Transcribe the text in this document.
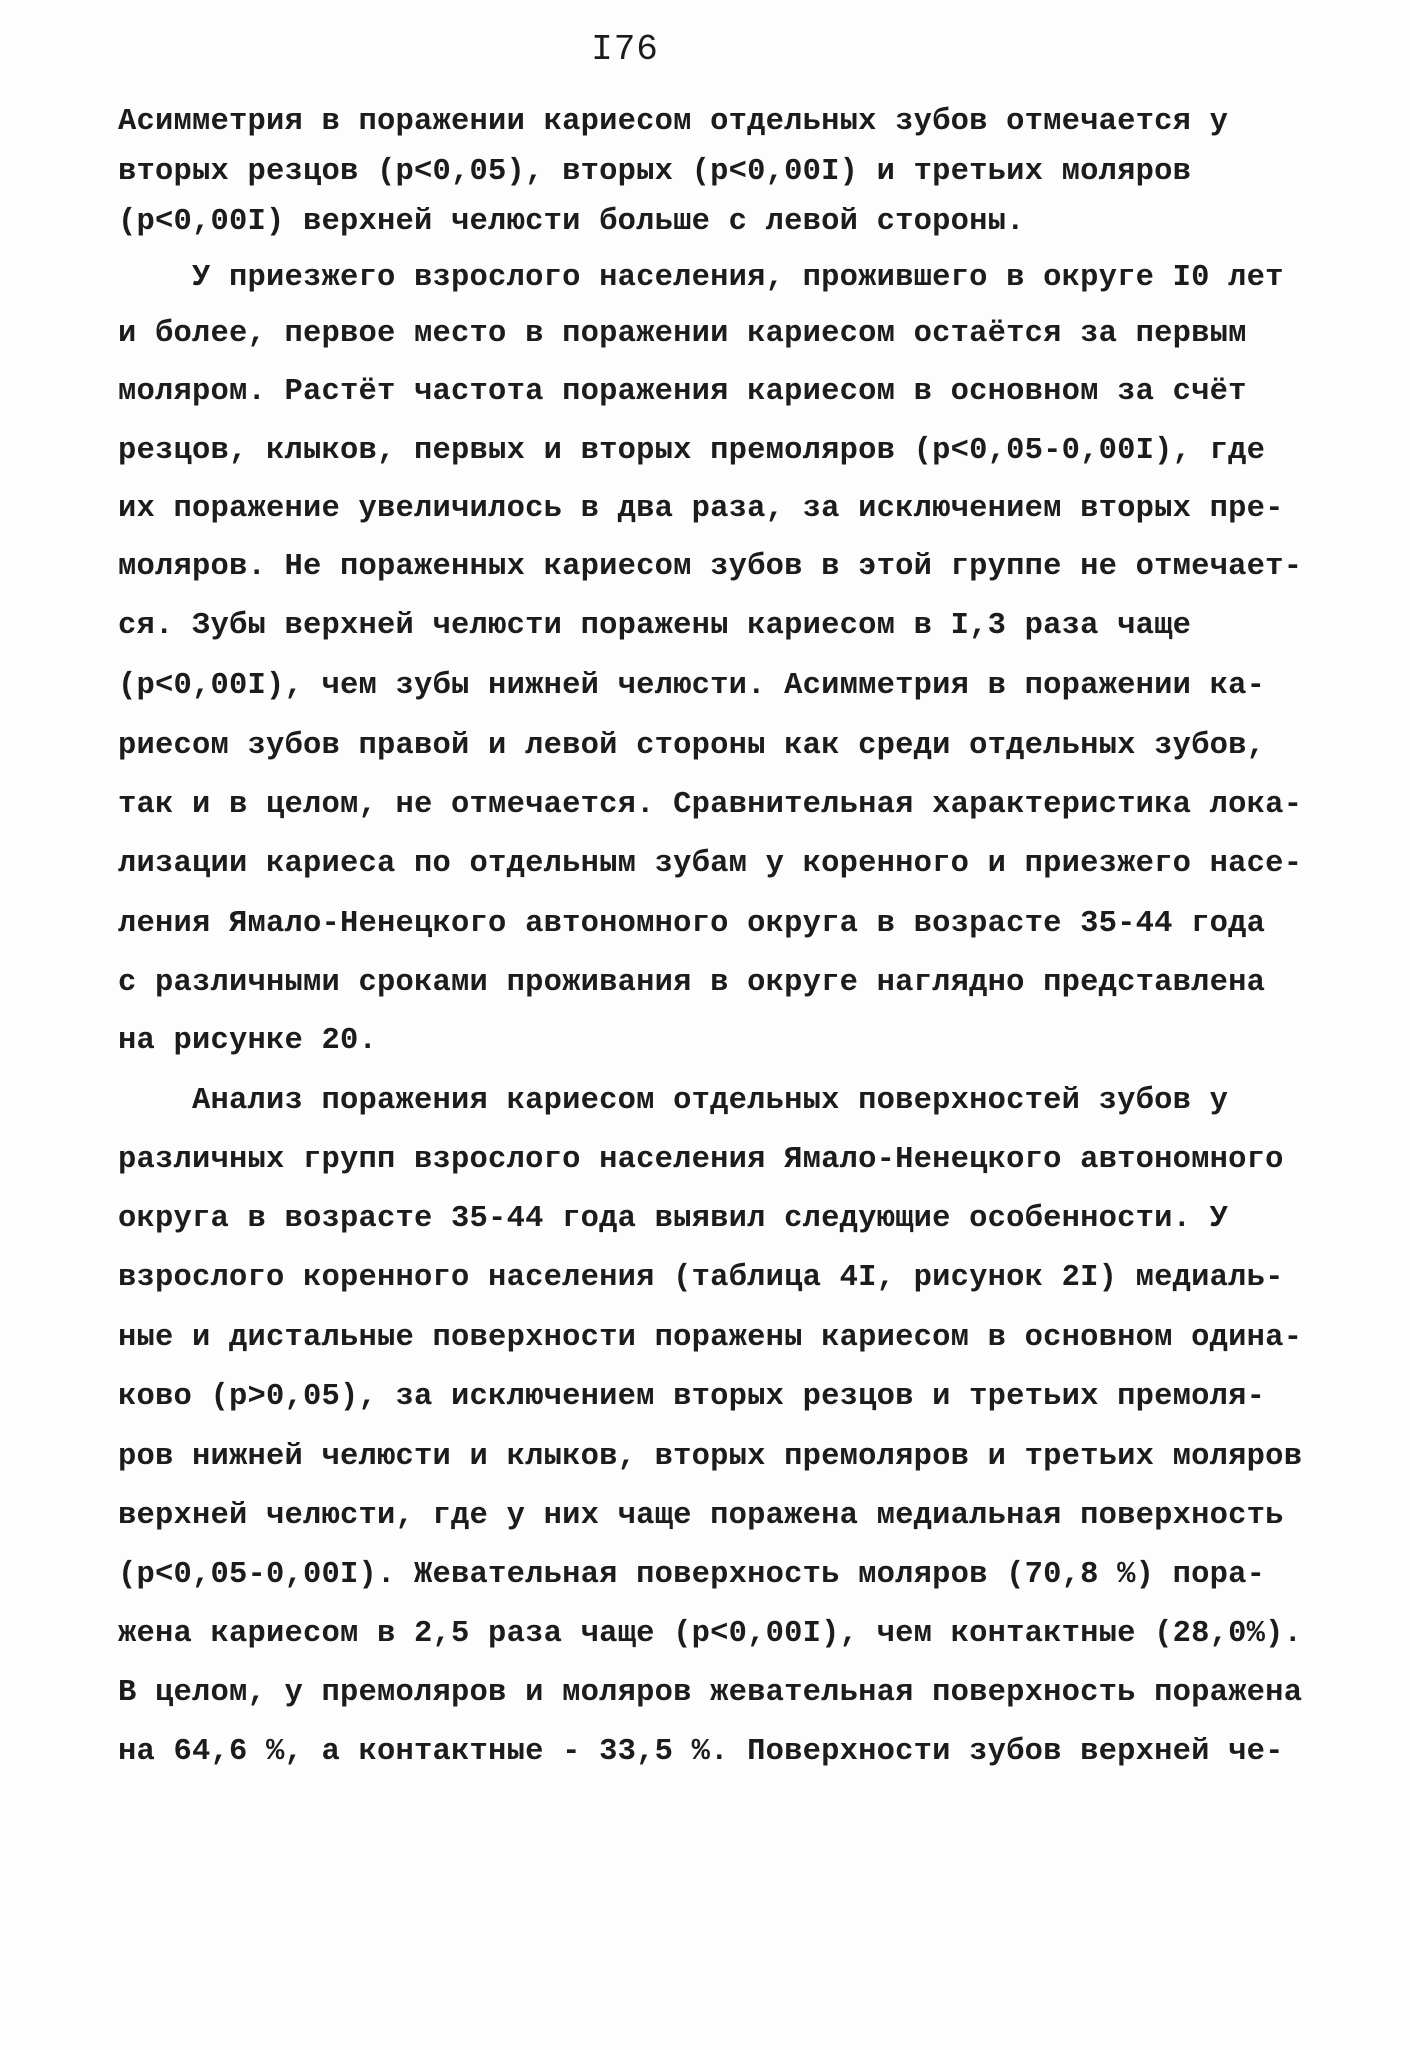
I76
Асимметрия в поражении кариесом отдельных зубов отмечается у
вторых резцов (p<0,05), вторых (p<0,00I) и третьих моляров
(p<0,00I) верхней челюсти больше с левой стороны.
У приезжего взрослого населения, прожившего в округе I0 лет
и более, первое место в поражении кариесом остаётся за первым
моляром. Растёт частота поражения кариесом в основном за счёт
резцов, клыков, первых и вторых премоляров (p<0,05-0,00I), где
их поражение увеличилось в два раза, за исключением вторых пре-
моляров. Не пораженных кариесом зубов в этой группе не отмечает-
ся. Зубы верхней челюсти поражены кариесом в I,3 раза чаще
(p<0,00I), чем зубы нижней челюсти. Асимметрия в поражении ка-
риесом зубов правой и левой стороны как среди отдельных зубов,
так и в целом, не отмечается. Сравнительная характеристика лока-
лизации кариеса по отдельным зубам у коренного и приезжего насе-
ления Ямало-Ненецкого автономного округа в возрасте 35-44 года
с различными сроками проживания в округе наглядно представлена
на рисунке 20.
Анализ поражения кариесом отдельных поверхностей зубов у
различных групп взрослого населения Ямало-Ненецкого автономного
округа в возрасте 35-44 года выявил следующие особенности. У
взрослого коренного населения (таблица 4I, рисунок 2I) медиаль-
ные и дистальные поверхности поражены кариесом в основном одина-
ково (p>0,05), за исключением вторых резцов и третьих премоля-
ров нижней челюсти и клыков, вторых премоляров и третьих моляров
верхней челюсти, где у них чаще поражена медиальная поверхность
(p<0,05-0,00I). Жевательная поверхность моляров (70,8 %) пора-
жена кариесом в 2,5 раза чаще (p<0,00I), чем контактные (28,0%).
В целом, у премоляров и моляров жевательная поверхность поражена
на 64,6 %, а контактные - 33,5 %. Поверхности зубов верхней че-
